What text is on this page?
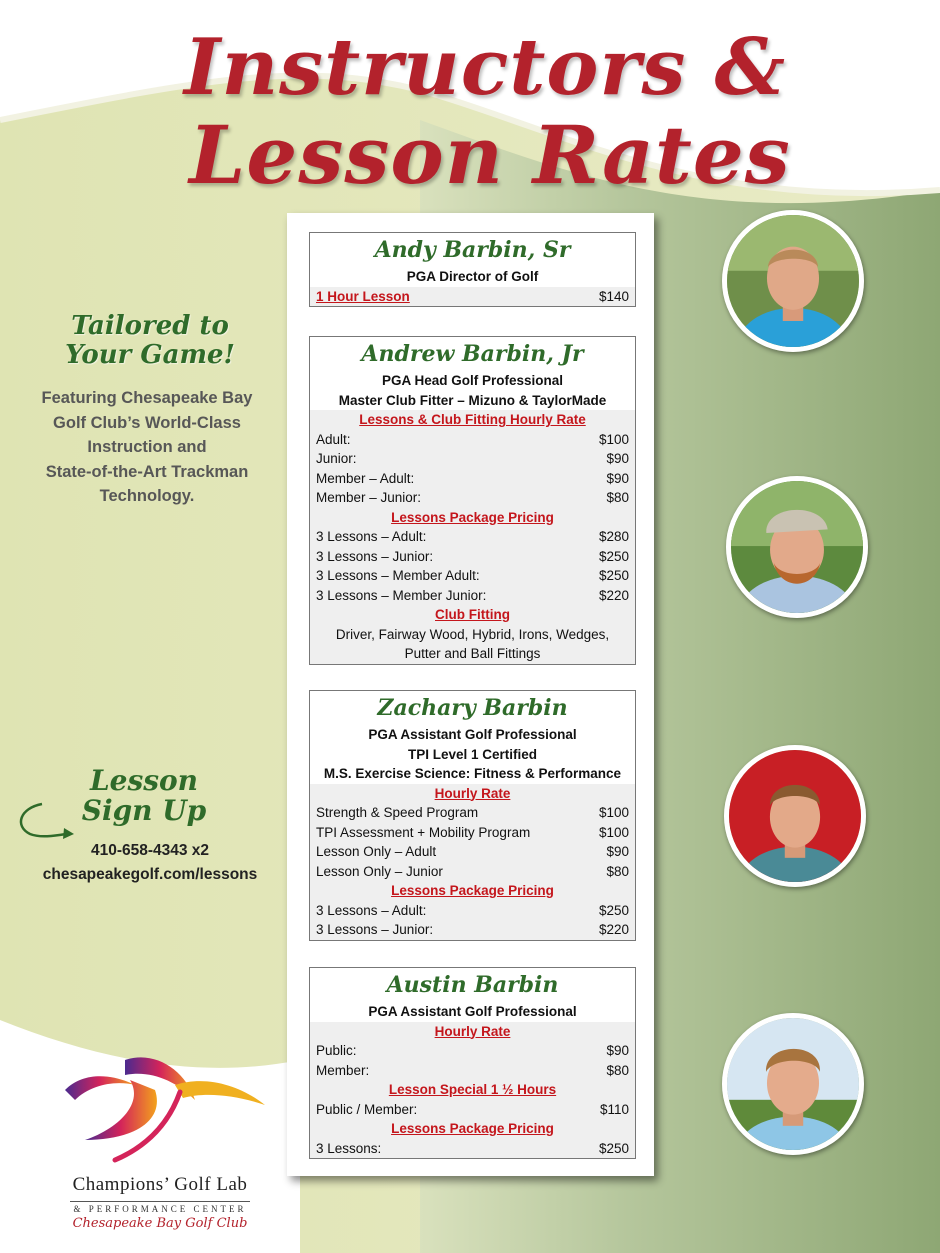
Instructors &
Lesson Rates
Tailored to
Your Game!
Featuring Chesapeake Bay
Golf Club’s World-Class
Instruction and
State-of-the-Art Trackman
Technology.
Lesson
Sign Up
410-658-4343 x2
chesapeakegolf.com/lessons
Champions’ Golf Lab
& PERFORMANCE CENTER
Chesapeake Bay Golf Club
Andy Barbin, Sr
PGA Director of Golf
1 Hour Lesson	$140
Andrew Barbin, Jr
PGA Head Golf Professional
Master Club Fitter – Mizuno & TaylorMade
Lessons & Club Fitting Hourly Rate
Adult:	$100
Junior:	$90
Member – Adult:	$90
Member – Junior:	$80
Lessons Package Pricing
3 Lessons – Adult:	$280
3 Lessons – Junior:	$250
3 Lessons – Member Adult:	$250
3 Lessons – Member Junior:	$220
Club Fitting
Driver, Fairway Wood, Hybrid, Irons, Wedges,
Putter and Ball Fittings
Zachary Barbin
PGA Assistant Golf Professional
TPI Level 1 Certified
M.S. Exercise Science: Fitness & Performance
Hourly Rate
Strength & Speed Program	$100
TPI Assessment + Mobility Program	$100
Lesson Only – Adult	$90
Lesson Only – Junior	$80
Lessons Package Pricing
3 Lessons – Adult:	$250
3 Lessons – Junior:	$220
Austin Barbin
PGA Assistant Golf Professional
Hourly Rate
Public:	$90
Member:	$80
Lesson Special 1 ½ Hours
Public / Member:	$110
Lessons Package Pricing
3 Lessons:	$250
